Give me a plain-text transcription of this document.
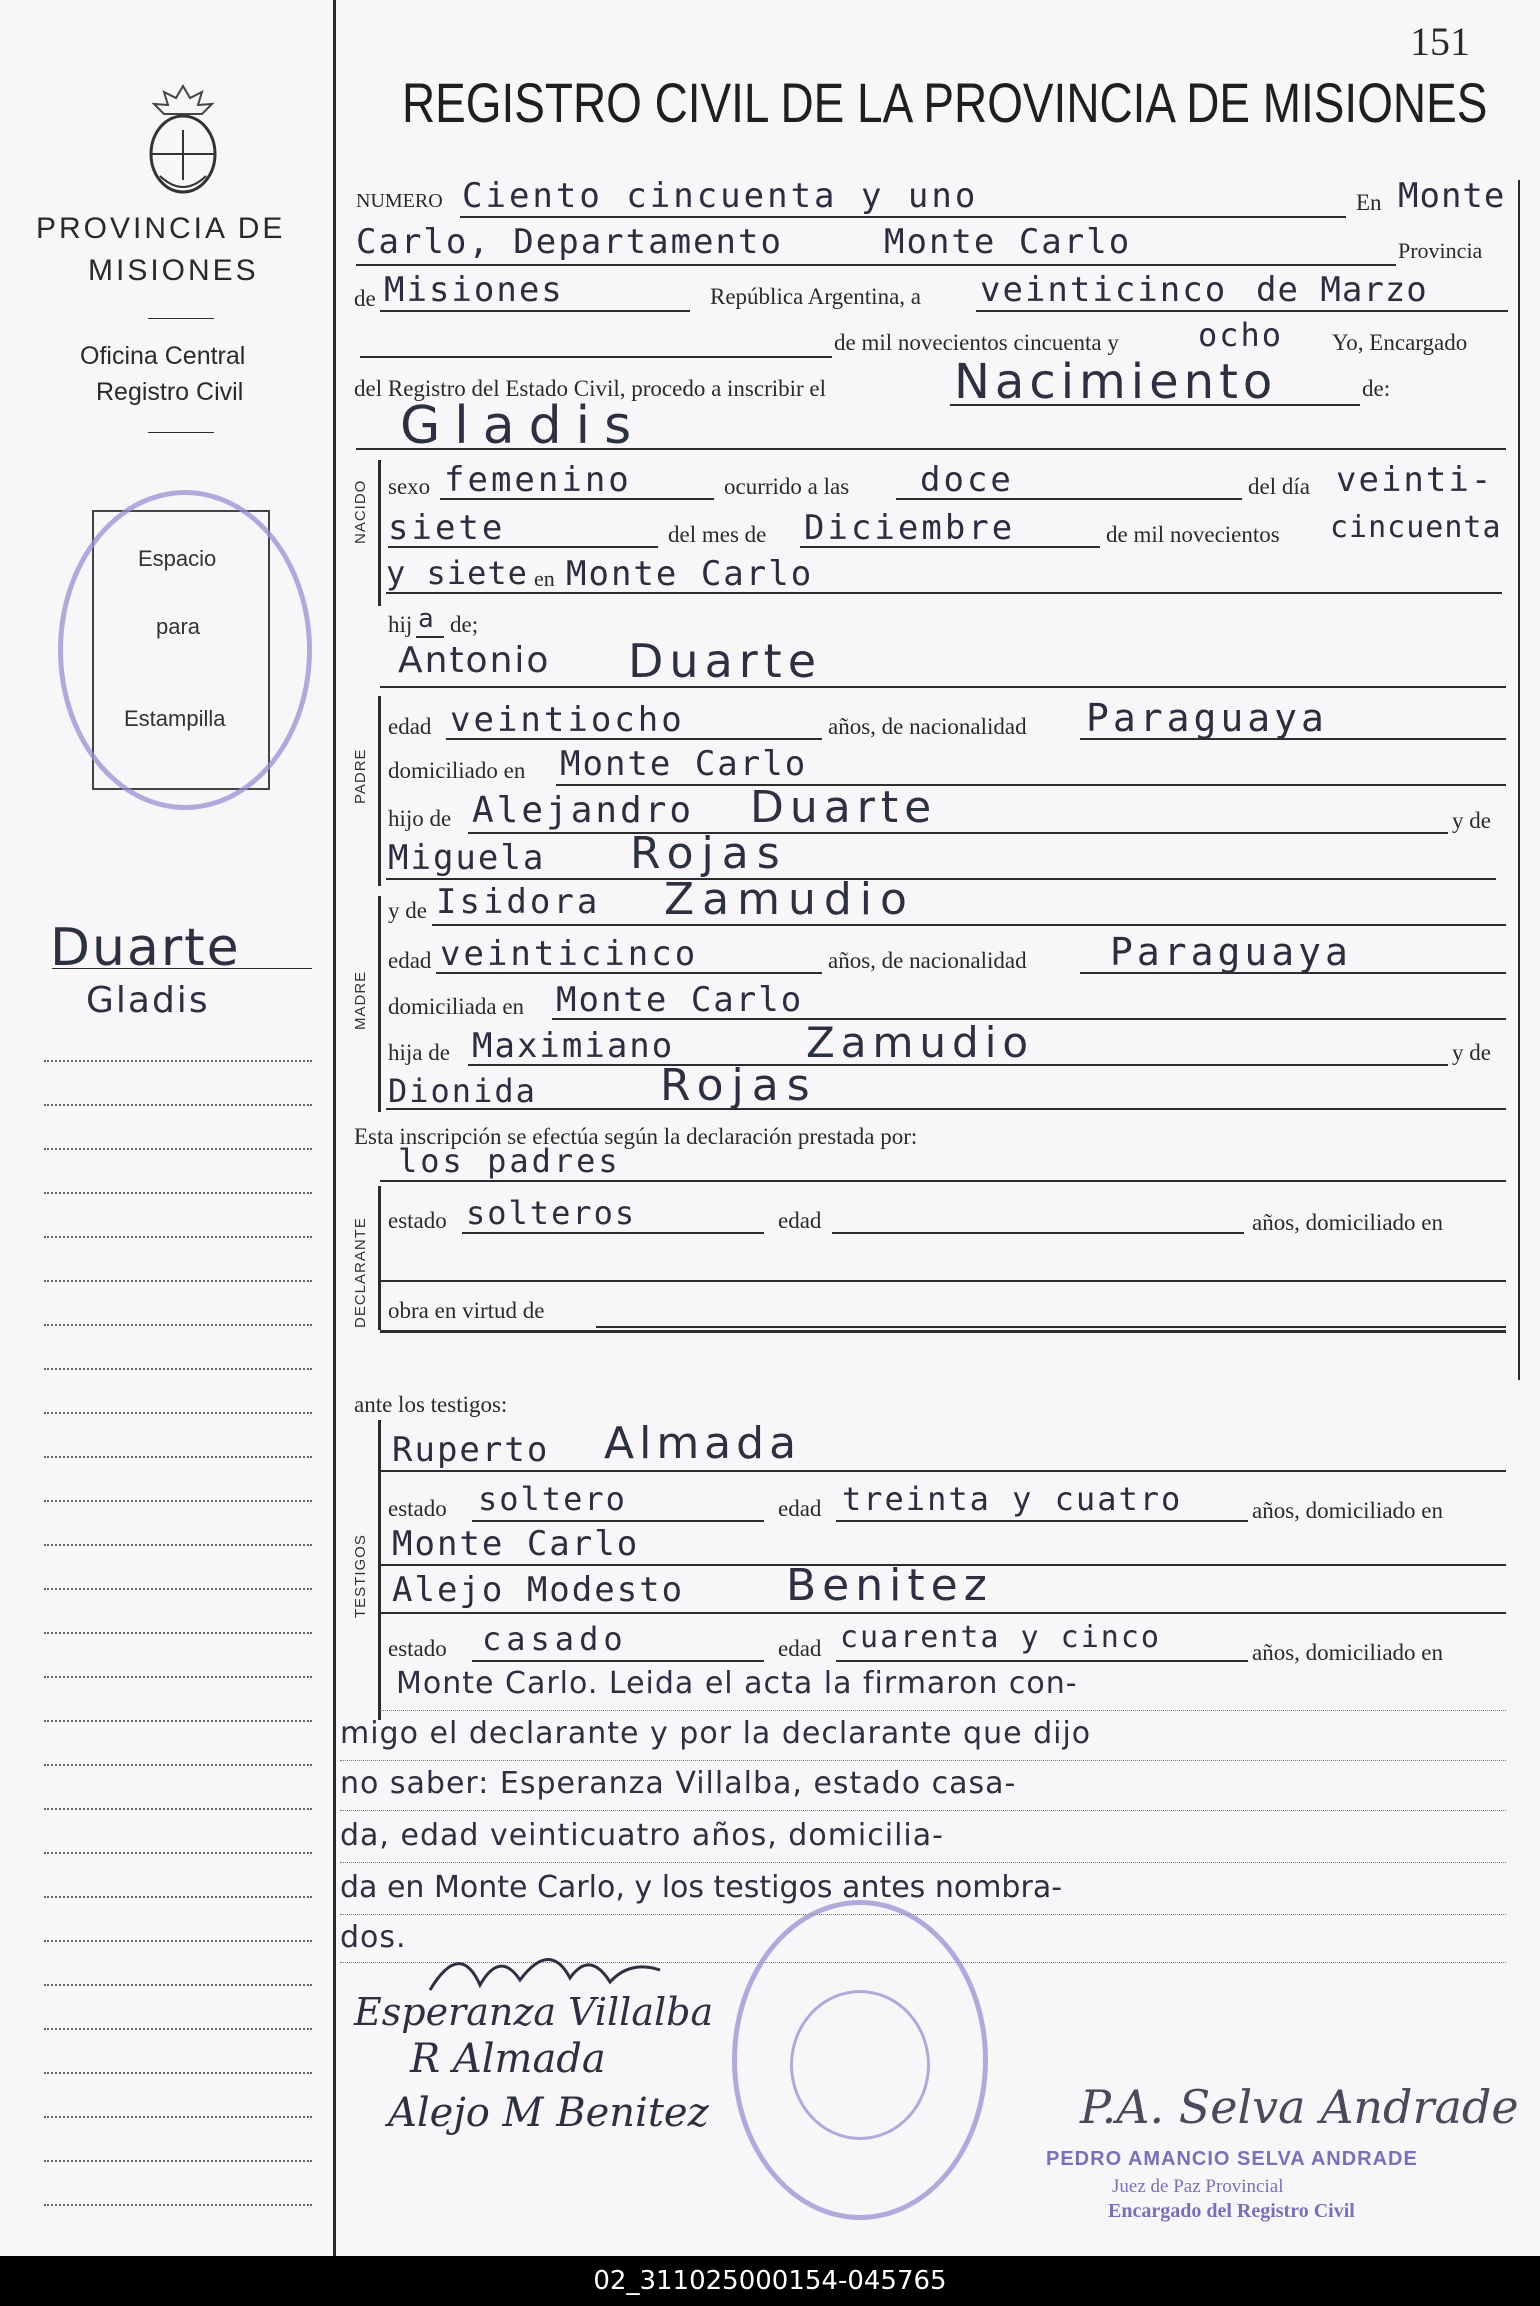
151
PROVINCIA DE
MISIONES
Oficina Central
Registro Civil
Espacio
para
Estampilla
Duarte
Gladis
REGISTRO CIVIL DE LA PROVINCIA DE MISIONES
NUMERO Ciento cincuenta y uno	En Monte
Carlo, Departamento	Monte Carlo	Provincia
de Misiones	República Argentina, a veinticinco de Marzo
de mil novecientos cincuenta y ocho Yo, Encargado
del Registro del Estado Civil, procedo a inscribir el	Nacimiento	de:
Gladis
NACIDO sexo femenino	ocurrido a las doce	del día veinti-
siete	del mes de Diciembre	de mil novecientos cincuenta
y siete en Monte Carlo
hij a de;
Antonio Duarte
PADRE
edad veintiocho	años, de nacionalidad Paraguaya
domiciliado en Monte Carlo
hijo de Alejandro Duarte	y de
Miguela Rojas
MADRE
y de Isidora Zamudio
edad veinticinco	años, de nacionalidad Paraguaya
domiciliada en Monte Carlo
hija de Maximiano	Zamudio	y de
Dionida	Rojas
Esta inscripción se efectúa según la declaración prestada por:
los padres
DECLARANTE estado solteros	edad	años, domiciliado en
obra en virtud de
ante los testigos:
Ruperto Almada
TESTIGOS
estado soltero	edad treinta y cuatro	años, domiciliado en
Monte Carlo
Alejo Modesto Benitez
estado casado	edad cuarenta y cinco	años, domiciliado en
Monte Carlo. Leida el acta la firmaron con-
migo el declarante y por la declarante que dijo
no saber: Esperanza Villalba, estado casa-
da, edad veinticuatro años, domicilia-
da en Monte Carlo, y los testigos antes nombra-
dos.
Esperanza Villalba
R Almada
Alejo M Benitez	P.A. Selva Andrade
PEDRO AMANCIO SELVA ANDRADE
Juez de Paz Provincial
Encargado del Registro Civil
02_311025000154-045765
